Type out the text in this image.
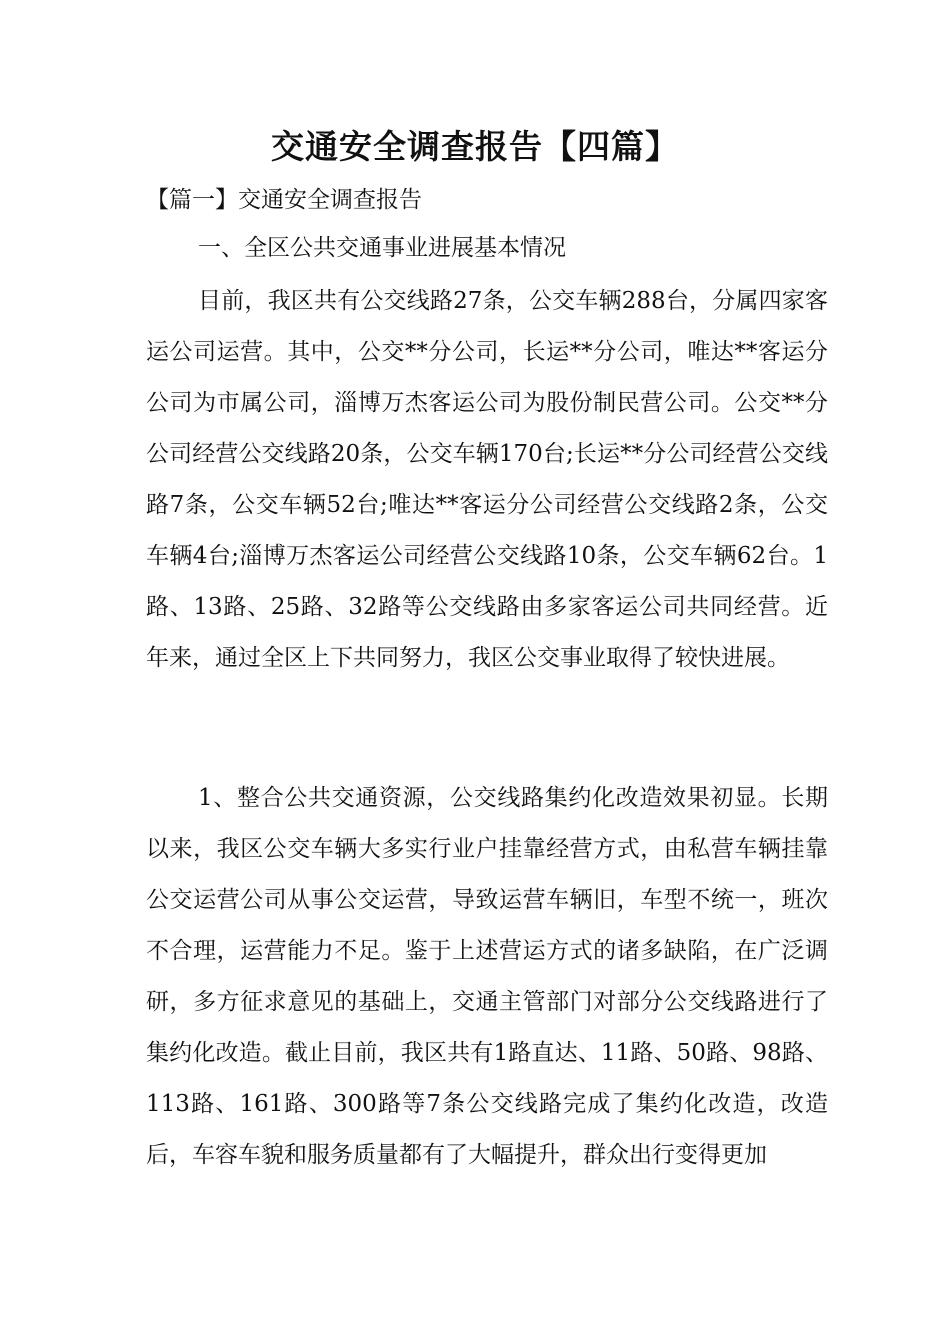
交通安全调查报告【四篇】
【篇一】交通安全调查报告
一、全区公共交通事业进展基本情况

目前，我区共有公交线路27条，公交车辆288台，分属四家客运公司运营。其中，公交**分公司，长运**分公司，唯达**客运分公司为市属公司，淄博万杰客运公司为股份制民营公司。公交**分公司经营公交线路20条，公交车辆170台;长运**分公司经营公交线路7条，公交车辆52台;唯达**客运分公司经营公交线路2条，公交车辆4台;淄博万杰客运公司经营公交线路10条，公交车辆62台。1路、13路、25路、32路等公交线路由多家客运公司共同经营。近年来，通过全区上下共同努力，我区公交事业取得了较快进展。

1、整合公共交通资源，公交线路集约化改造效果初显。长期以来，我区公交车辆大多实行业户挂靠经营方式，由私营车辆挂靠公交运营公司从事公交运营，导致运营车辆旧，车型不统一，班次不合理，运营能力不足。鉴于上述营运方式的诸多缺陷，在广泛调研，多方征求意见的基础上，交通主管部门对部分公交线路进行了集约化改造。截止目前，我区共有1路直达、11路、50路、98路、113路、161路、300路等7条公交线路完成了集约化改造，改造后，车容车貌和服务质量都有了大幅提升，群众出行变得更加
